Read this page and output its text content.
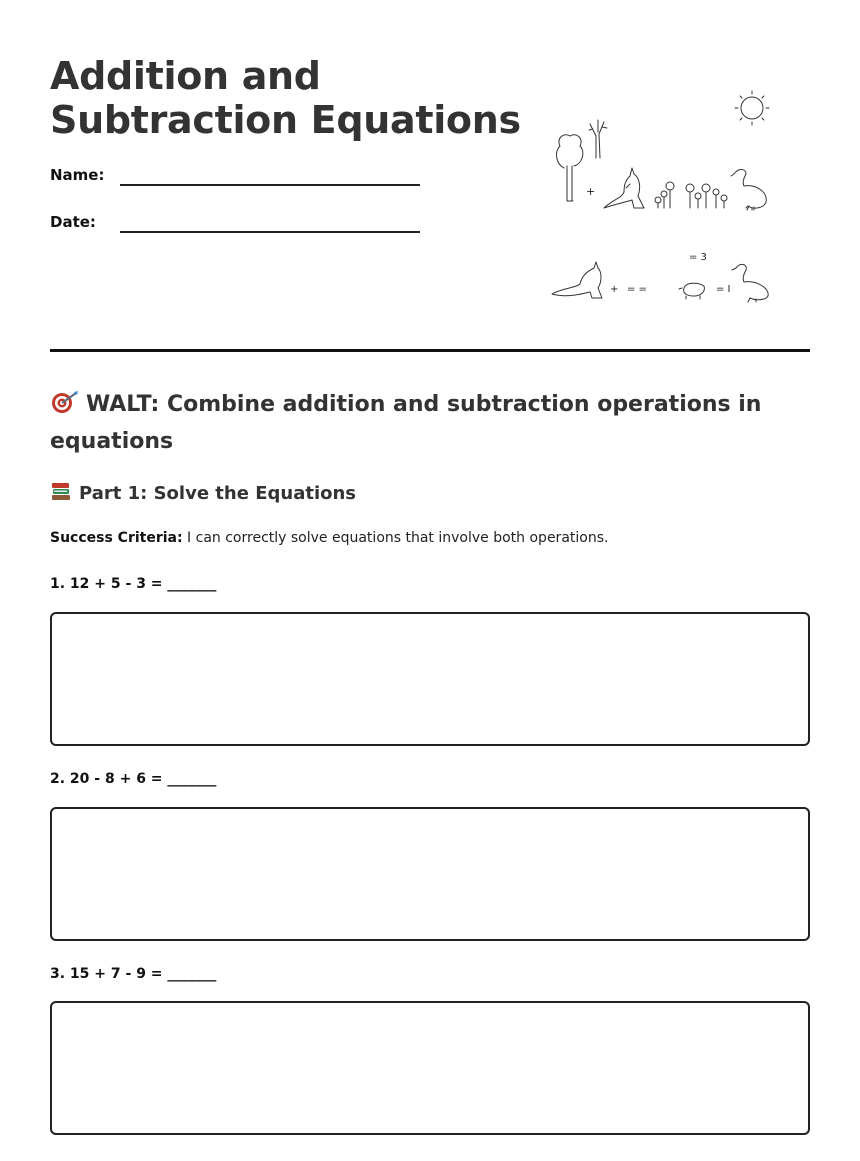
Addition and
Subtraction Equations
Name:
Date:
+
= 3
+ = =	= I
WALT: Combine addition and subtraction operations in equations
Part 1: Solve the Equations
Success Criteria: I can correctly solve equations that involve both operations.
1. 12 + 5 - 3 = _______
2. 20 - 8 + 6 = _______
3. 15 + 7 - 9 = _______
